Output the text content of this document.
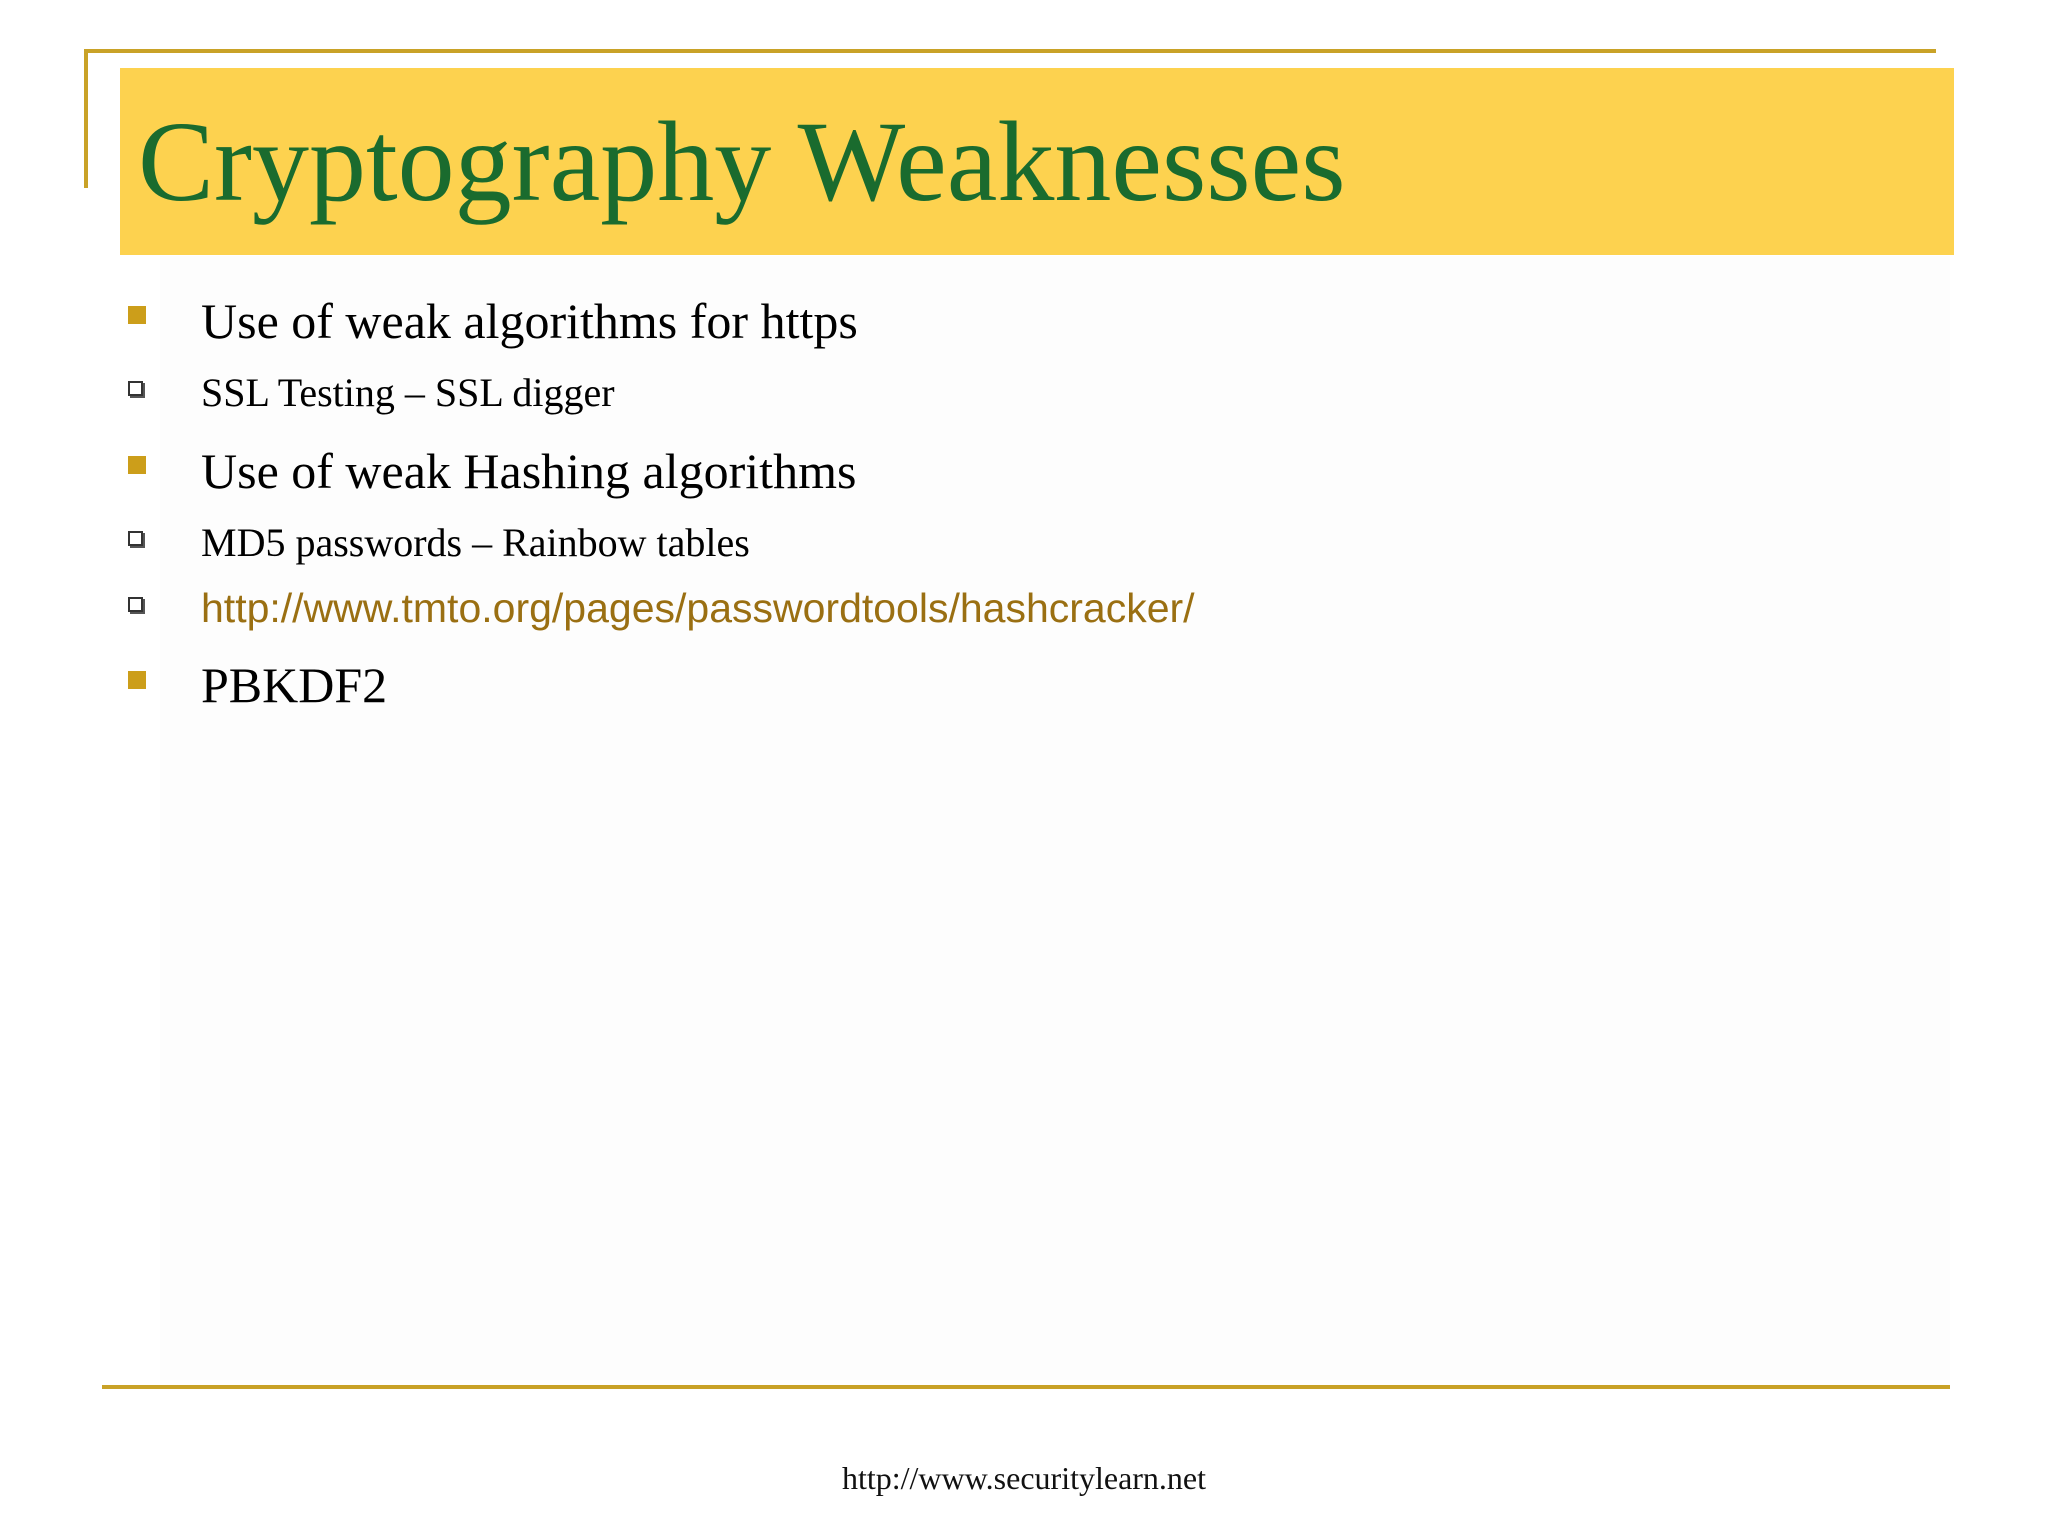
Cryptography Weaknesses
Use of weak algorithms for https
SSL Testing – SSL digger
Use of weak Hashing algorithms
MD5 passwords – Rainbow tables
http://www.tmto.org/pages/passwordtools/hashcracker/
PBKDF2
http://www.securitylearn.net
